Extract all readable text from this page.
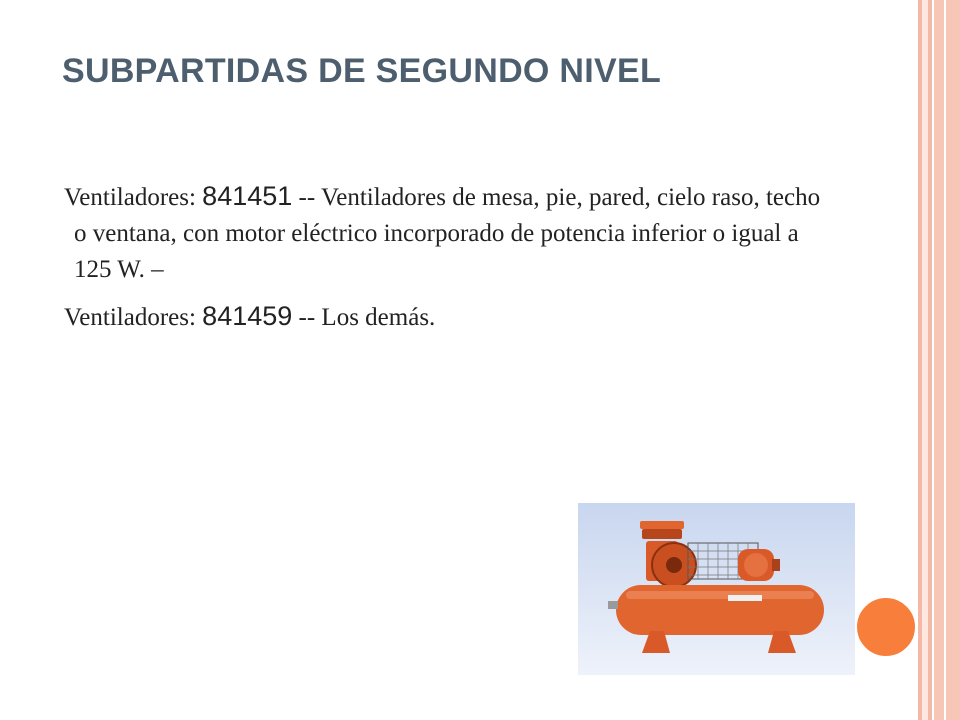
SUBPARTIDAS DE SEGUNDO NIVEL

Ventiladores: 841451 -- Ventiladores de mesa, pie, pared, cielo raso, techo o ventana, con motor eléctrico incorporado de potencia inferior o igual a 125 W. –

Ventiladores: 841459 -- Los demás.
